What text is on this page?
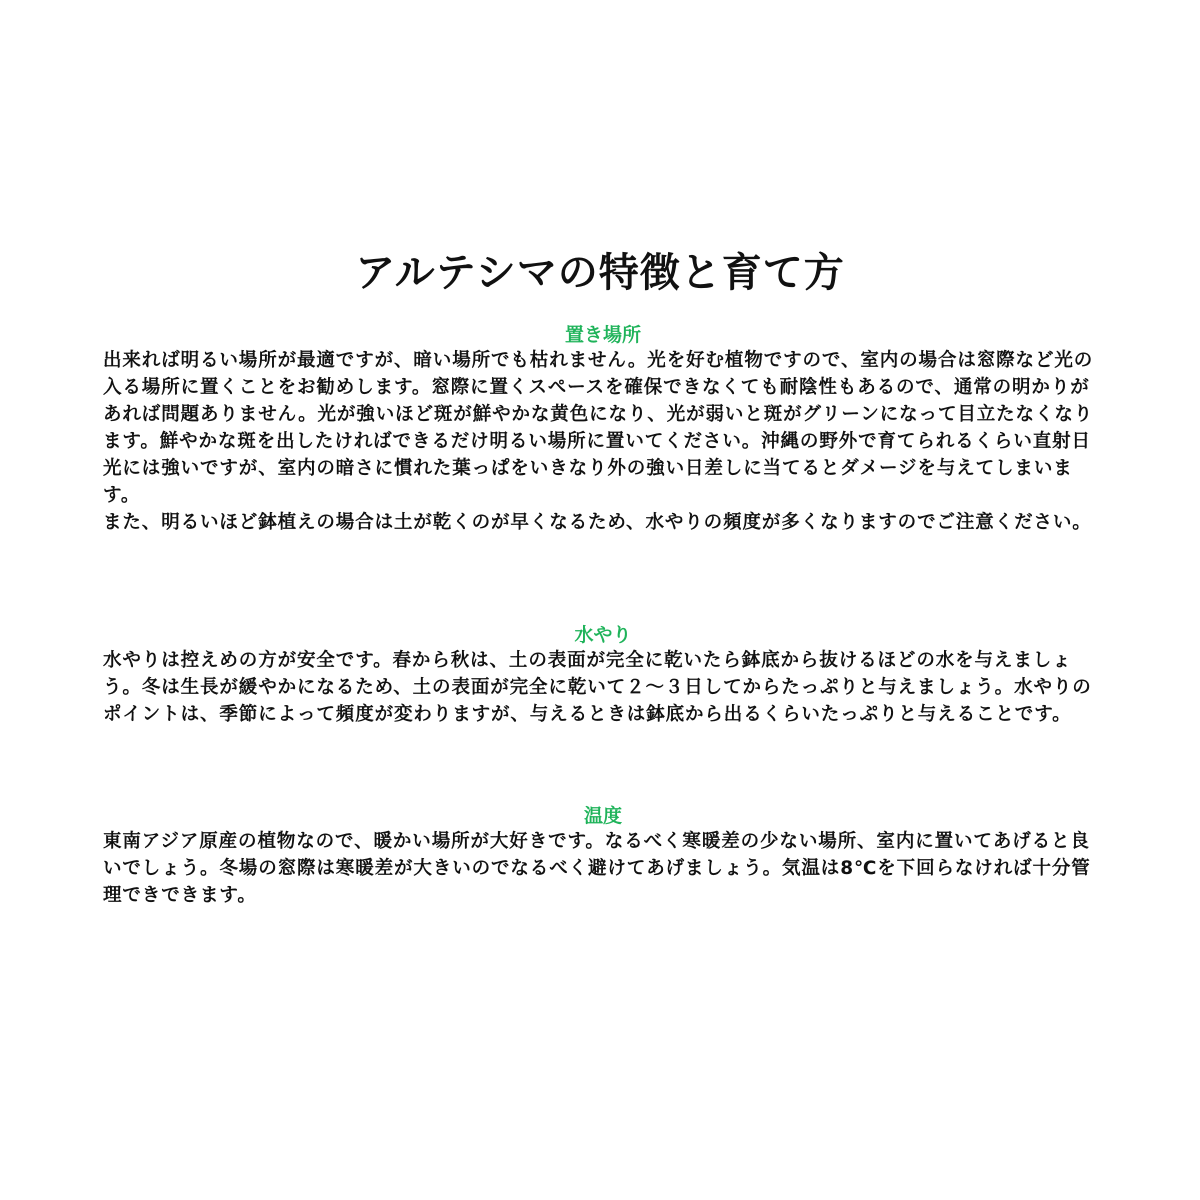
アルテシマの特徴と育て方
置き場所

出来れば明るい場所が最適ですが、暗い場所でも枯れません。光を好む植物ですので、室内の場合は窓際など光の入る場所に置くことをお勧めします。窓際に置くスペースを確保できなくても耐陰性もあるので、通常の明かりがあれば問題ありません。光が強いほど斑が鮮やかな黄色になり、光が弱いと斑がグリーンになって目立たなくなります。鮮やかな斑を出したければできるだけ明るい場所に置いてください。沖縄の野外で育てられるくらい直射日光には強いですが、室内の暗さに慣れた葉っぱをいきなり外の強い日差しに当てるとダメージを与えてしまいます。
また、明るいほど鉢植えの場合は土が乾くのが早くなるため、水やりの頻度が多くなりますのでご注意ください。

水やり

水やりは控えめの方が安全です。春から秋は、土の表面が完全に乾いたら鉢底から抜けるほどの水を与えましょう。冬は生長が緩やかになるため、土の表面が完全に乾いて２～３日してからたっぷりと与えましょう。水やりのポイントは、季節によって頻度が変わりますが、与えるときは鉢底から出るくらいたっぷりと与えることです。

温度

東南アジア原産の植物なので、暖かい場所が大好きです。なるべく寒暖差の少ない場所、室内に置いてあげると良いでしょう。冬場の窓際は寒暖差が大きいのでなるべく避けてあげましょう。気温は8℃を下回らなければ十分管理できできます。
